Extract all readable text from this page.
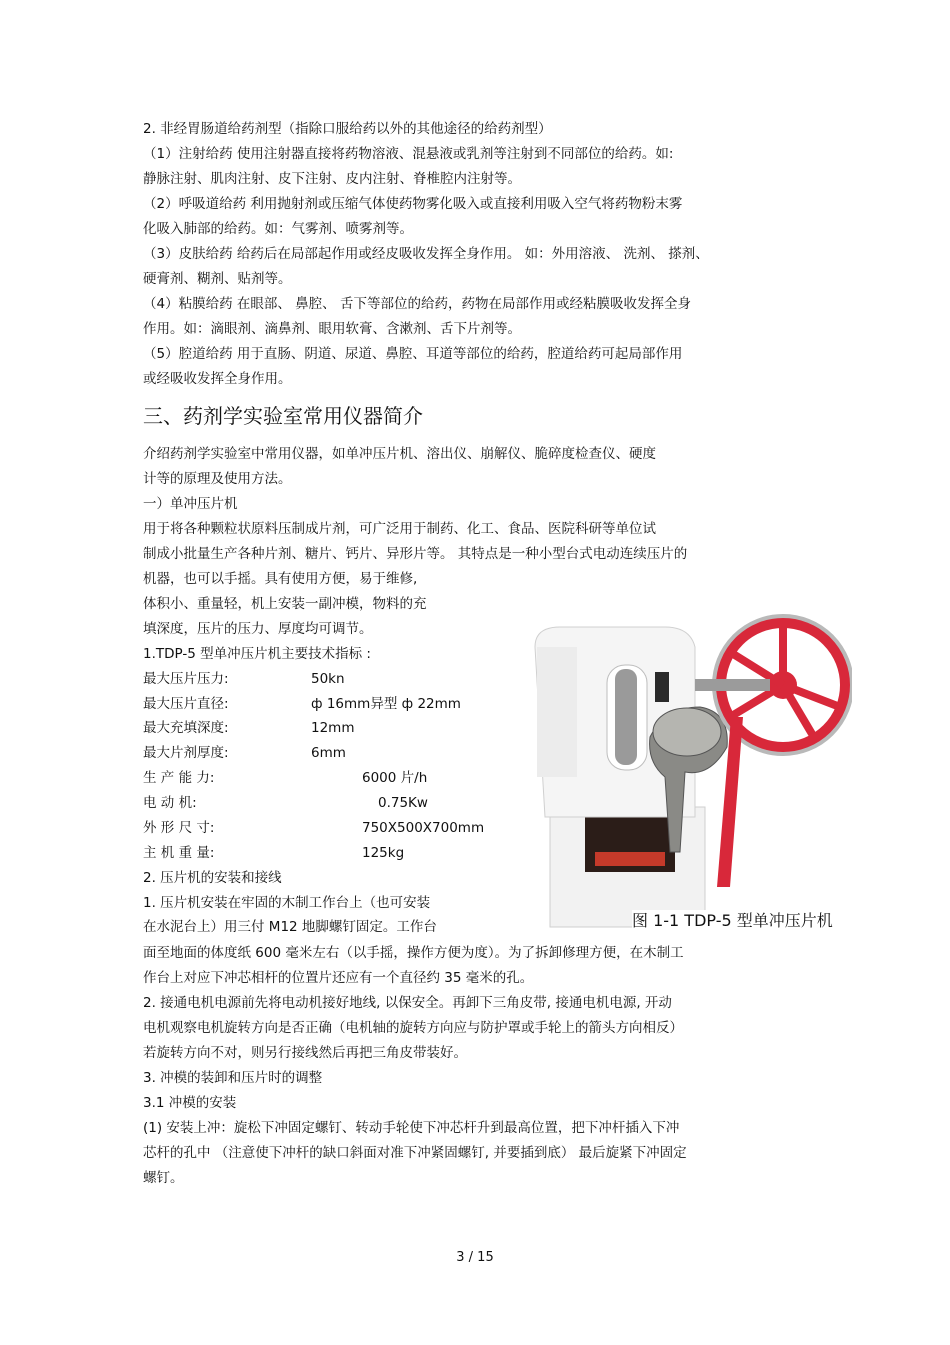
2. 非经胃肠道给药剂型（指除口服给药以外的其他途径的给药剂型）
（1）注射给药 使用注射器直接将药物溶液、混悬液或乳剂等注射到不同部位的给药。如:
静脉注射、肌肉注射、皮下注射、皮内注射、脊椎腔内注射等。
（2）呼吸道给药 利用抛射剂或压缩气体使药物雾化吸入或直接利用吸入空气将药物粉末雾
化吸入肺部的给药。如：气雾剂、喷雾剂等。
（3）皮肤给药 给药后在局部起作用或经皮吸收发挥全身作用。 如：外用溶液、 洗剂、 搽剂、
硬膏剂、糊剂、贴剂等。
（4）粘膜给药 在眼部、 鼻腔、 舌下等部位的给药，药物在局部作用或经粘膜吸收发挥全身
作用。如：滴眼剂、滴鼻剂、眼用软膏、含漱剂、舌下片剂等。
（5）腔道给药 用于直肠、阴道、尿道、鼻腔、耳道等部位的给药，腔道给药可起局部作用
或经吸收发挥全身作用。
三、药剂学实验室常用仪器简介
介绍药剂学实验室中常用仪器，如单冲压片机、溶出仪、崩解仪、脆碎度检查仪、硬度
计等的原理及使用方法。
一）单冲压片机
用于将各种颗粒状原料压制成片剂，可广泛用于制药、化工、食品、医院科研等单位试
制成小批量生产各种片剂、糖片、钙片、异形片等。 其特点是一种小型台式电动连续压片的
机器，也可以手摇。具有使用方便，易于维修,
体积小、重量轻，机上安装一副冲模，物料的充
填深度，压片的压力、厚度均可调节。
1.TDP-5 型单冲压片机主要技术指标 :
最大压片压力:	50kn
最大压片直径:	ф 16mm异型 ф 22mm
最大充填深度:	12mm
最大片剂厚度:	6mm
生 产 能 力:	6000 片/h
电 动 机:	0.75Kw
外 形 尺 寸:	750X500X700mm
主 机 重 量:	125kg
2. 压片机的安装和接线
1. 压片机安装在牢固的木制工作台上（也可安装
在水泥台上）用三付 M12 地脚螺钉固定。工作台
面至地面的体度纸 600 毫米左右（以手摇，操作方便为度）。为了拆卸修理方便，在木制工
作台上对应下冲芯相杆的位置片还应有一个直径约 35 毫米的孔。
2. 接通电机电源前先将电动机接好地线, 以保安全。再卸下三角皮带, 接通电机电源, 开动
电机观察电机旋转方向是否正确（电机轴的旋转方向应与防护罩或手轮上的箭头方向相反）
若旋转方向不对，则另行接线然后再把三角皮带装好。
3. 冲模的装卸和压片时的调整
3.1 冲模的安装
(1) 安装上冲：旋松下冲固定螺钉、转动手轮使下冲芯杆升到最高位置，把下冲杆插入下冲
芯杆的孔中 （注意使下冲杆的缺口斜面对准下冲紧固螺钉, 并要插到底） 最后旋紧下冲固定
螺钉。
图 1-1 TDP-5 型单冲压片机
3 / 15
